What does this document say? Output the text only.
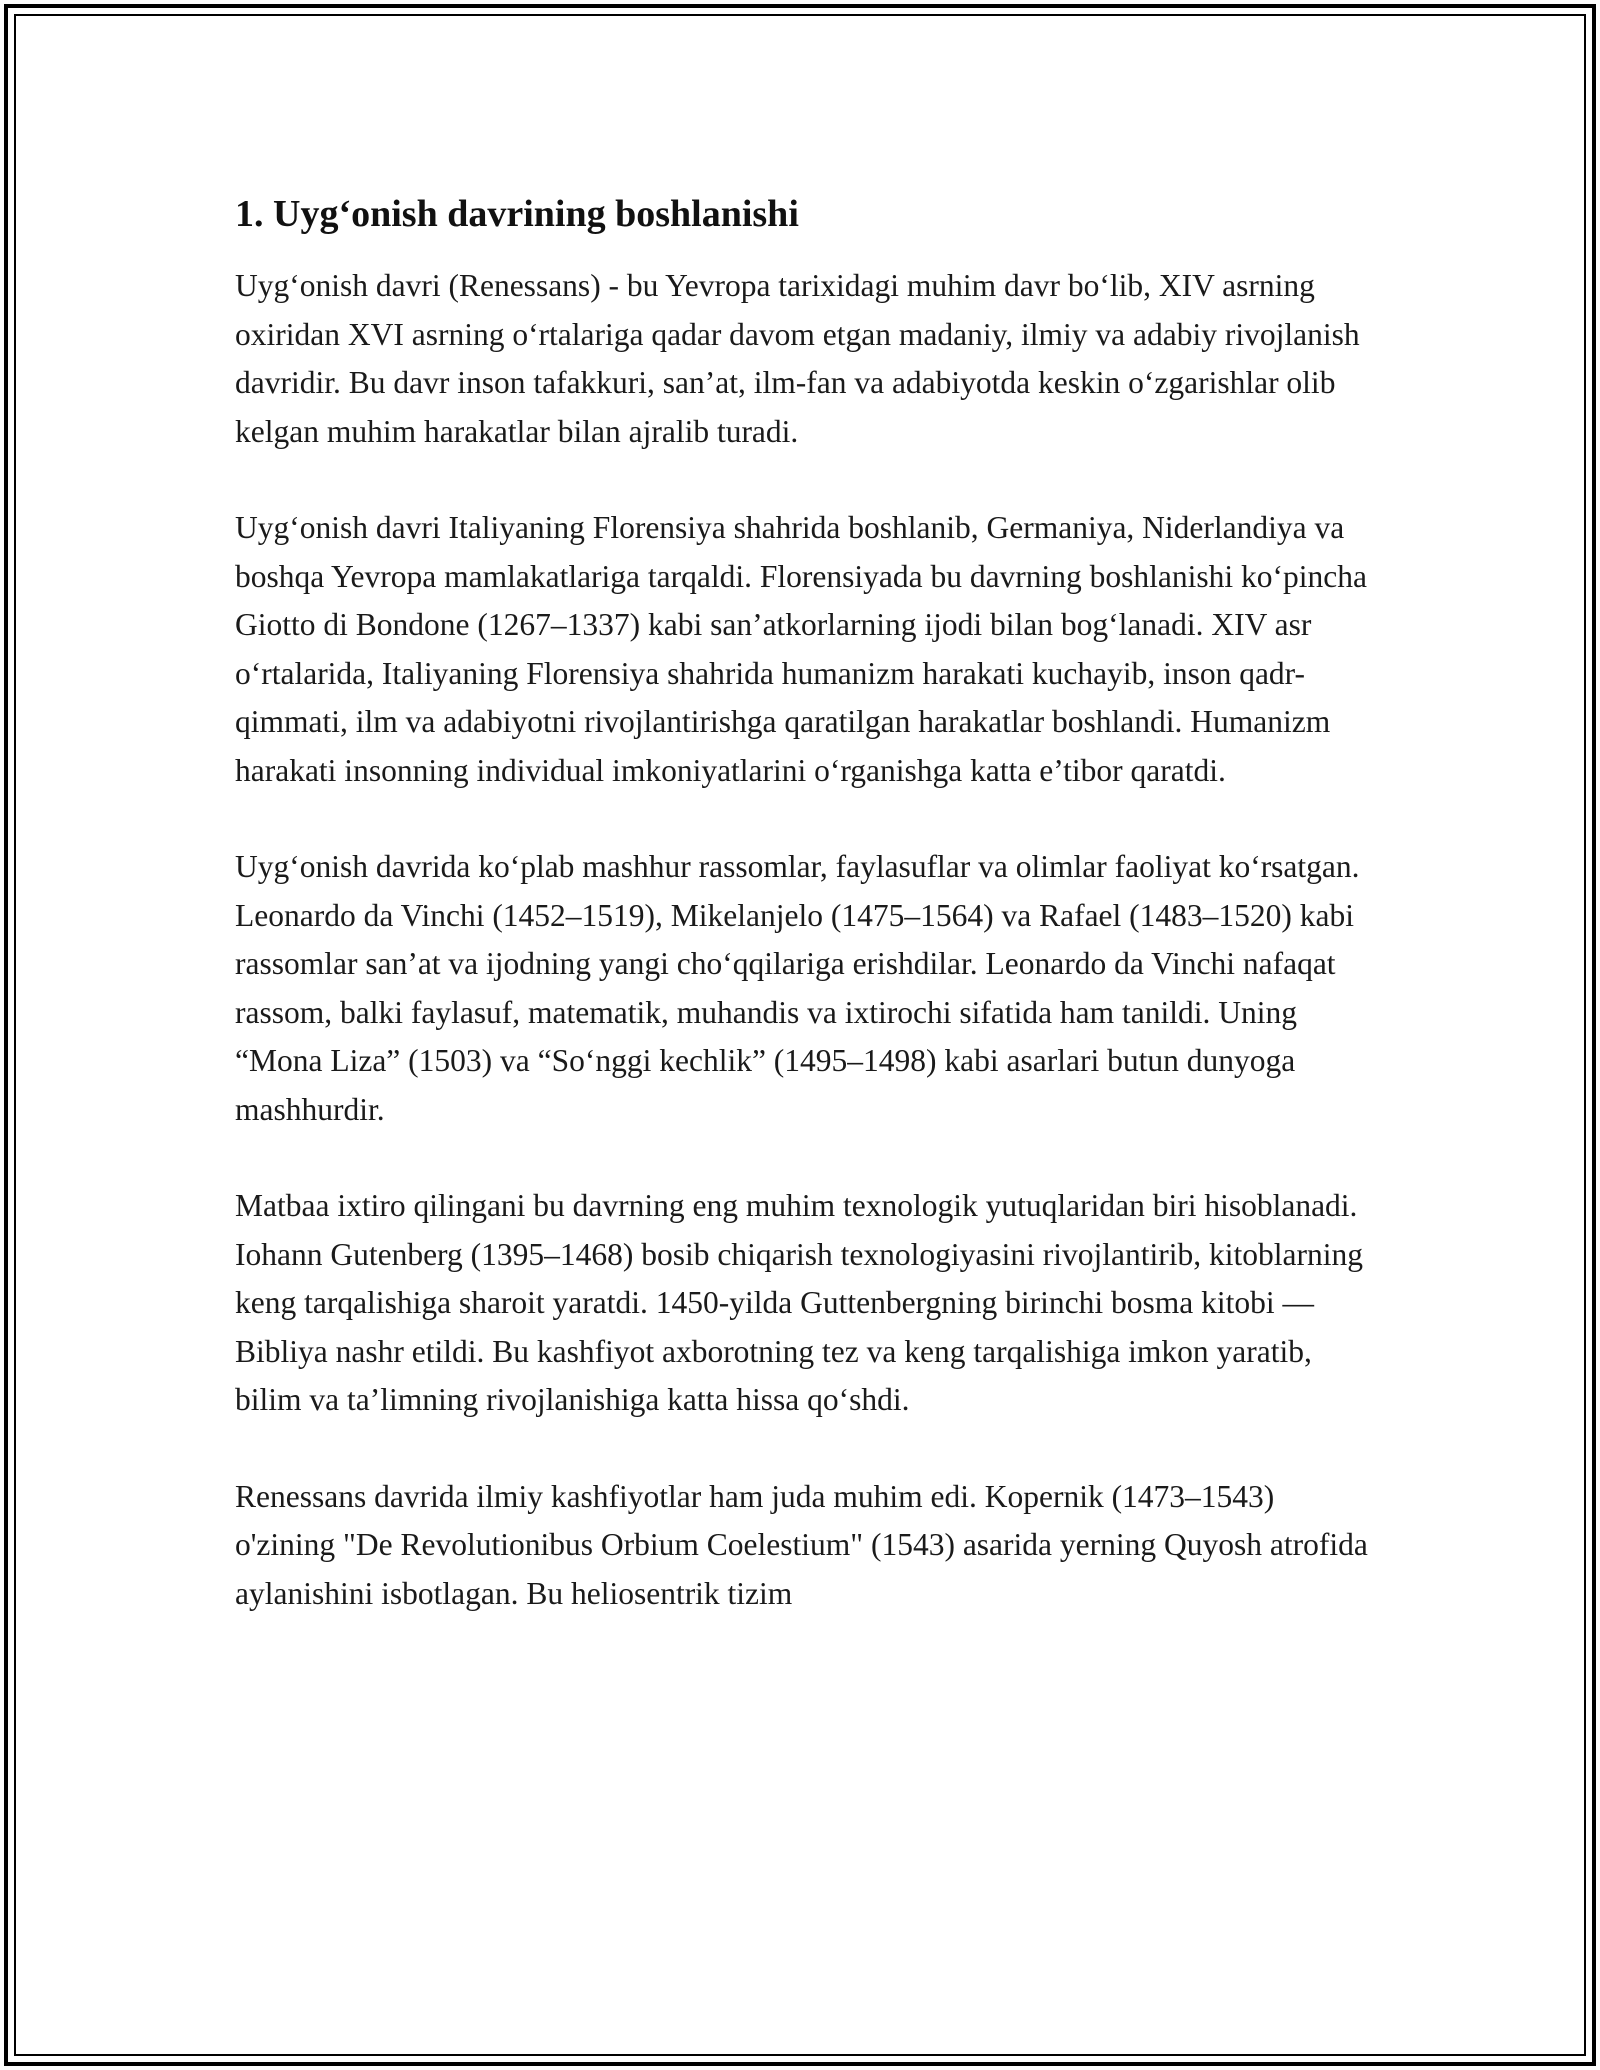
1. Uyg‘onish davrining boshlanishi

Uyg‘onish davri (Renessans) - bu Yevropa tarixidagi muhim davr bo‘lib, XIV asrning oxiridan XVI asrning o‘rtalariga qadar davom etgan madaniy, ilmiy va adabiy rivojlanish davridir. Bu davr inson tafakkuri, san’at, ilm-fan va adabiyotda keskin o‘zgarishlar olib kelgan muhim harakatlar bilan ajralib turadi.

Uyg‘onish davri Italiyaning Florensiya shahrida boshlanib, Germaniya, Niderlandiya va boshqa Yevropa mamlakatlariga tarqaldi. Florensiyada bu davrning boshlanishi ko‘pincha Giotto di Bondone (1267–1337) kabi san’atkorlarning ijodi bilan bog‘lanadi. XIV asr o‘rtalarida, Italiyaning Florensiya shahrida humanizm harakati kuchayib, inson qadr-qimmati, ilm va adabiyotni rivojlantirishga qaratilgan harakatlar boshlandi. Humanizm harakati insonning individual imkoniyatlarini o‘rganishga katta e’tibor qaratdi.

Uyg‘onish davrida ko‘plab mashhur rassomlar, faylasuflar va olimlar faoliyat ko‘rsatgan. Leonardo da Vinchi (1452–1519), Mikelanjelo (1475–1564) va Rafael (1483–1520) kabi rassomlar san’at va ijodning yangi cho‘qqilariga erishdilar. Leonardo da Vinchi nafaqat rassom, balki faylasuf, matematik, muhandis va ixtirochi sifatida ham tanildi. Uning “Mona Liza” (1503) va “So‘nggi kechlik” (1495–1498) kabi asarlari butun dunyoga mashhurdir.

Matbaa ixtiro qilingani bu davrning eng muhim texnologik yutuqlaridan biri hisoblanadi. Iohann Gutenberg (1395–1468) bosib chiqarish texnologiyasini rivojlantirib, kitoblarning keng tarqalishiga sharoit yaratdi. 1450-yilda Guttenbergning birinchi bosma kitobi — Bibliya nashr etildi. Bu kashfiyot axborotning tez va keng tarqalishiga imkon yaratib, bilim va ta’limning rivojlanishiga katta hissa qo‘shdi.

Renessans davrida ilmiy kashfiyotlar ham juda muhim edi. Kopernik (1473–1543) o'zining "De Revolutionibus Orbium Coelestium" (1543) asarida yerning Quyosh atrofida aylanishini isbotlagan. Bu heliosentrik tizim
